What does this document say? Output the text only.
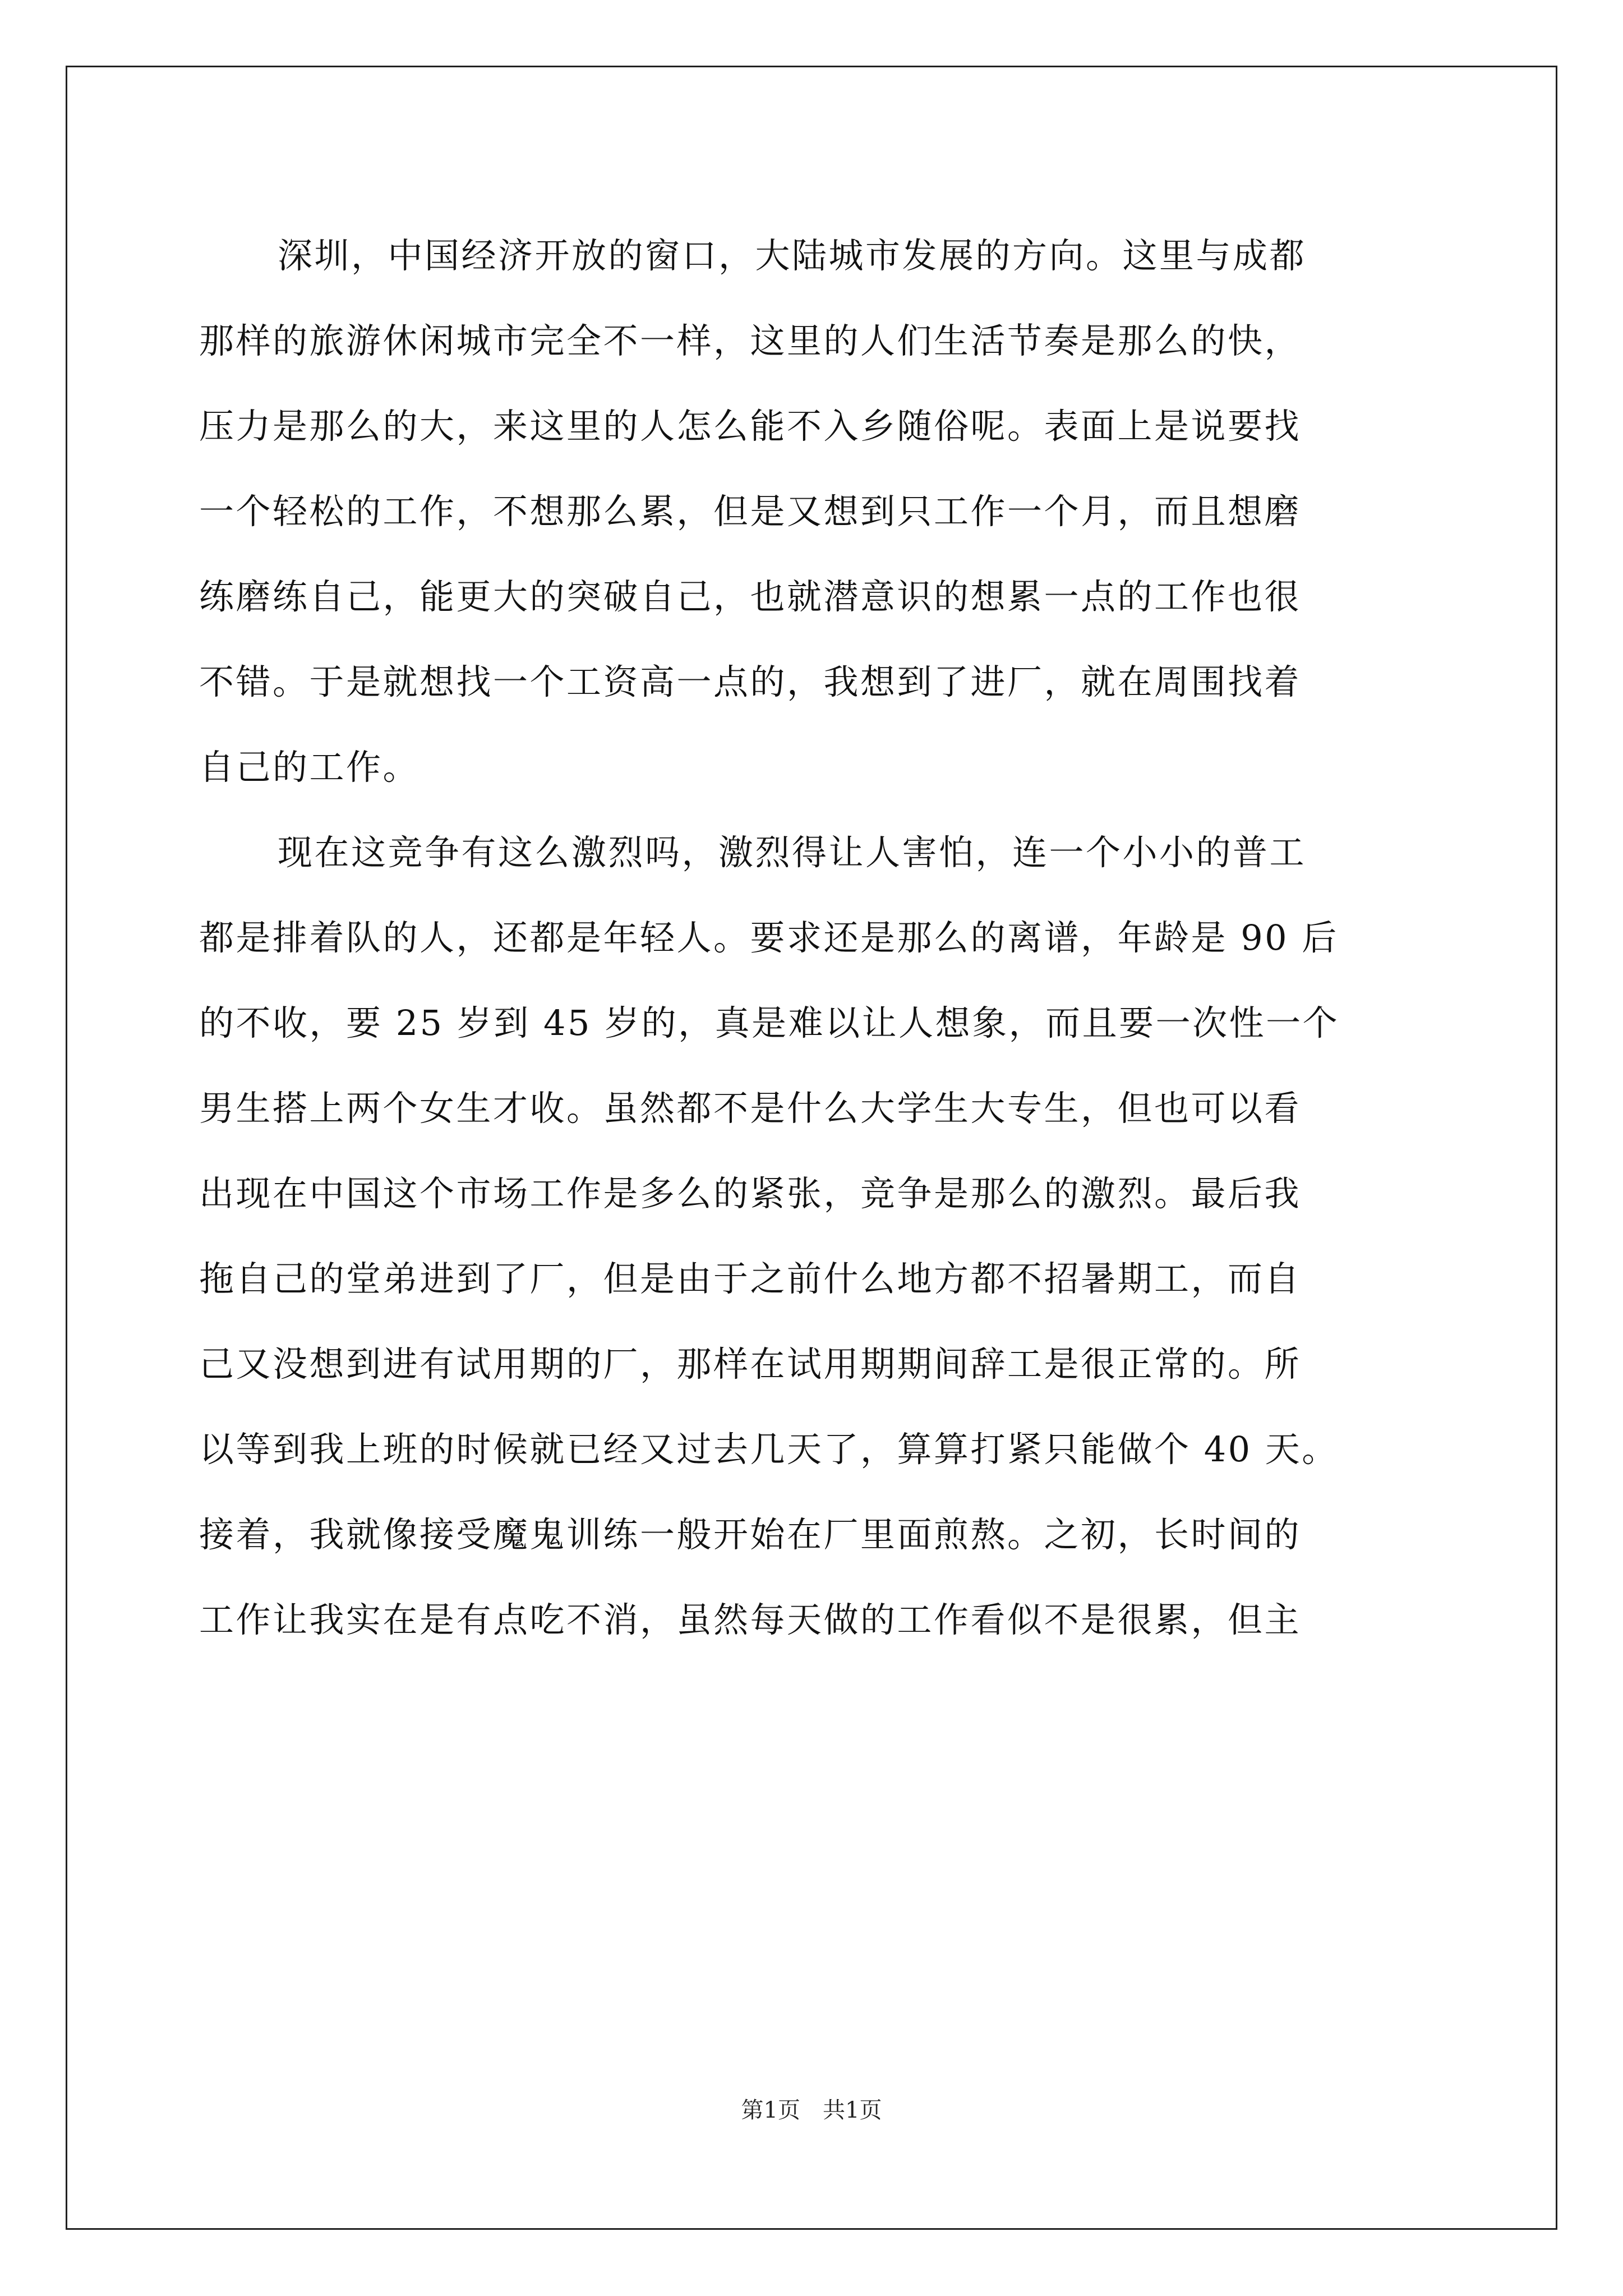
深圳，中国经济开放的窗口，大陆城市发展的方向。这里与成都
那样的旅游休闲城市完全不一样，这里的人们生活节奏是那么的快，
压力是那么的大，来这里的人怎么能不入乡随俗呢。表面上是说要找
一个轻松的工作，不想那么累，但是又想到只工作一个月，而且想磨
练磨练自己，能更大的突破自己，也就潜意识的想累一点的工作也很
不错。于是就想找一个工资高一点的，我想到了进厂，就在周围找着
自己的工作。
现在这竞争有这么激烈吗，激烈得让人害怕，连一个小小的普工
都是排着队的人，还都是年轻人。要求还是那么的离谱，年龄是 90 后
的不收，要 25 岁到 45 岁的，真是难以让人想象，而且要一次性一个
男生搭上两个女生才收。虽然都不是什么大学生大专生，但也可以看
出现在中国这个市场工作是多么的紧张，竞争是那么的激烈。最后我
拖自己的堂弟进到了厂，但是由于之前什么地方都不招暑期工，而自
己又没想到进有试用期的厂，那样在试用期期间辞工是很正常的。所
以等到我上班的时候就已经又过去几天了，算算打紧只能做个 40 天。
接着，我就像接受魔鬼训练一般开始在厂里面煎熬。之初，长时间的
工作让我实在是有点吃不消，虽然每天做的工作看似不是很累，但主
第1页　共1页
